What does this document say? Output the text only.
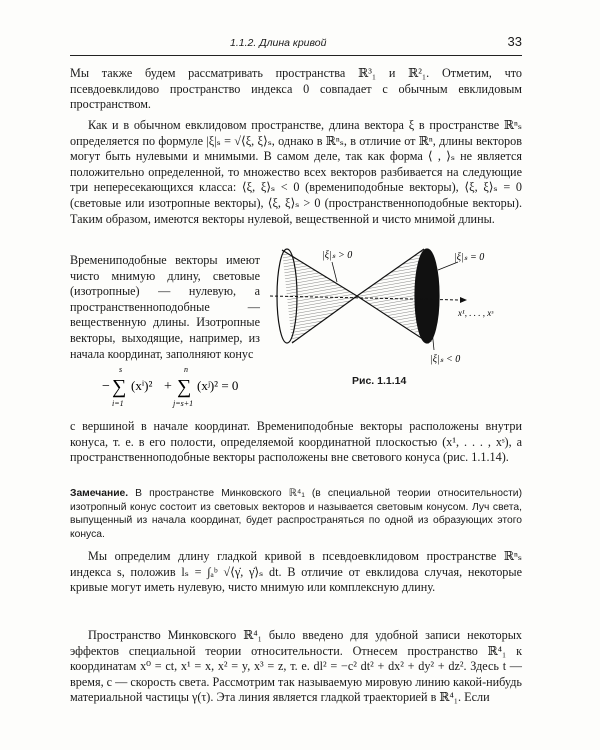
1.1.2. Длина кривой	33
Мы также будем рассматривать пространства ℝ³₁ и ℝ²₁. Отметим, что псевдоевклидово пространство индекса 0 совпадает с обычным евклидовым пространством.
Как и в обычном евклидовом пространстве, длина вектора ξ в пространстве ℝⁿₛ определяется по формуле |ξ|ₛ = √⟨ξ, ξ⟩ₛ, однако в ℝⁿₛ, в отличие от ℝⁿ, длины векторов могут быть нулевыми и мнимыми. В самом деле, так как форма ⟨ , ⟩ₛ не является положительно определенной, то множество всех векторов разбивается на следующие три непересекающихся класса: ⟨ξ, ξ⟩ₛ < 0 (времениподобные векторы), ⟨ξ, ξ⟩ₛ = 0 (световые или изотропные векторы), ⟨ξ, ξ⟩ₛ > 0 (пространственноподобные векторы). Таким образом, имеются векторы нулевой, вещественной и чисто мнимой длины.
Времениподобные векторы имеют чисто мнимую длину, световые (изотропные) — нулевую, а пространственноподобные — вещественную длины. Изотропные векторы, выходящие, например, из начала координат, заполняют конус
−
s
∑
i=1
(xⁱ)² +
n
∑
j=s+1
(xʲ)² = 0
|ξ|ₛ > 0	|ξ|ₛ = 0
x¹, . . . , xˢ
|ξ|ₛ < 0
Рис. 1.1.14
с вершиной в начале координат. Времениподобные векторы расположены внутри конуса, т. е. в его полости, определяемой координатной плоскостью (x¹, . . . , xˢ), а пространственноподобные векторы расположены вне светового конуса (рис. 1.1.14).
Замечание. В пространстве Минковского ℝ⁴₁ (в специальной теории относительности) изотропный конус состоит из световых векторов и называется световым конусом. Луч света, выпущенный из начала координат, будет распространяться по одной из образующих этого конуса.
Мы определим длину гладкой кривой в псевдоевклидовом пространстве ℝⁿₛ индекса s, положив lₛ = ∫ₐᵇ √⟨γ̇, γ̇⟩ₛ dt. В отличие от евклидова случая, некоторые кривые могут иметь нулевую, чисто мнимую или комплексную длину.
Пространство Минковского ℝ⁴₁ было введено для удобной записи некоторых эффектов специальной теории относительности. Отнесем пространство ℝ⁴₁ к координатам x⁰ = ct, x¹ = x, x² = y, x³ = z, т. е. dl² = −c² dt² + dx² + dy² + dz². Здесь t — время, c — скорость света. Рассмотрим так называемую мировую линию какой-нибудь материальной частицы γ(τ). Эта линия является гладкой траекторией в ℝ⁴₁. Если
